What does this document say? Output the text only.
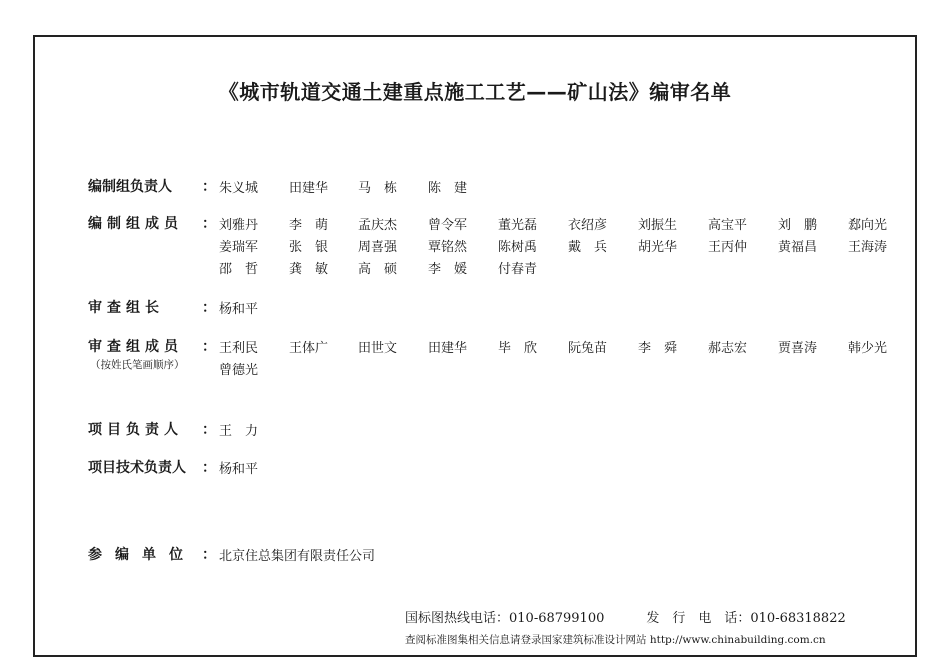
《城市轨道交通土建重点施工工艺——矿山法》编审名单
编制组负责人 ： 朱义城 田建华 马　栋 陈　建
编制组成员 ： 刘雅丹 李　萌 孟庆杰 曾令军 董光磊 衣绍彦 刘振生 高宝平 刘　鹏 郄向光
姜瑞军 张　银 周喜强 覃铭然 陈树禹 戴　兵 胡光华 王丙仲 黄福昌 王海涛
邵　哲 龚　敏 高　硕 李　媛 付春青
审查组长	： 杨和平
审查组成员 ：
（按姓氏笔画顺序）
王利民 王体广 田世文 田建华 毕　欣 阮兔苗 李　舜 郝志宏 贾喜涛 韩少光
曾德光
项目负责人 ： 王　力
项目技术负责人 ： 杨和平
参编单位 ： 北京住总集团有限责任公司
国标图热线电话：010-68799100	发　行　电　话：010-68318822
查阅标准图集相关信息请登录国家建筑标准设计网站 http://www.chinabuilding.com.cn
